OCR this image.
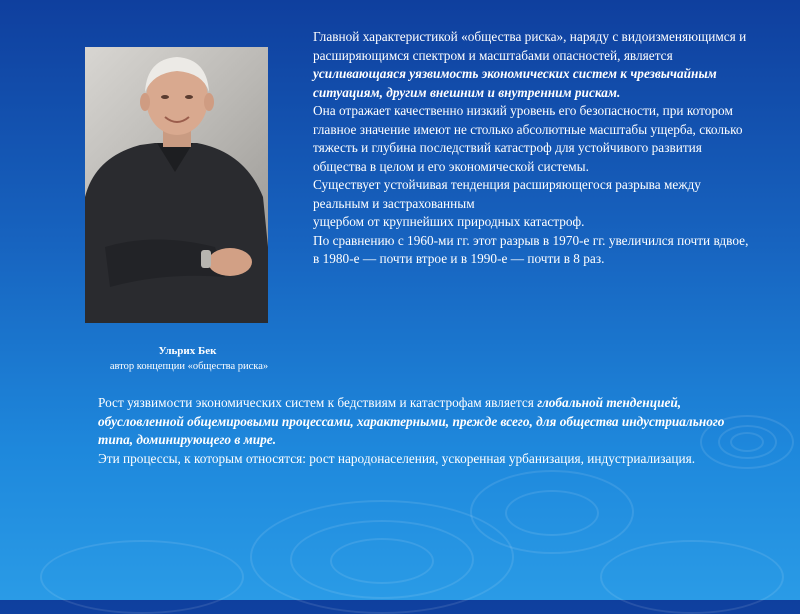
Ульрих Бек
автор концепции «общества риска»

Главной характеристикой «общества риска», наряду с видоизменяющимся и расширяющимся спектром и масштабами опасностей, является усиливающаяся уязвимость экономических систем к чрезвычайным ситуациям, другим внешним и внутренним рискам.

Она отражает качественно низкий уровень его безопасности, при котором главное значение имеют не столько абсолютные масштабы ущерба, сколько

тяжесть и глубина последствий катастроф для устойчивого развития общества в целом и его экономической системы.

Существует устойчивая тенденция расширяющегося разрыва между реальным и застрахованным

ущербом от крупнейших природных катастроф.

По сравнению с 1960-ми гг. этот разрыв в 1970-е гг. увеличился почти вдвое, в 1980-е — почти втрое и в 1990-е — почти в 8 раз.

Рост уязвимости экономических систем к бедствиям и катастрофам является глобальной тенденцией, обусловленной общемировыми процессами, характерными, прежде всего, для общества индустриального типа, доминирующего в мире.

Эти процессы, к которым относятся: рост народонаселения, ускоренная урбанизация, индустриализация.
